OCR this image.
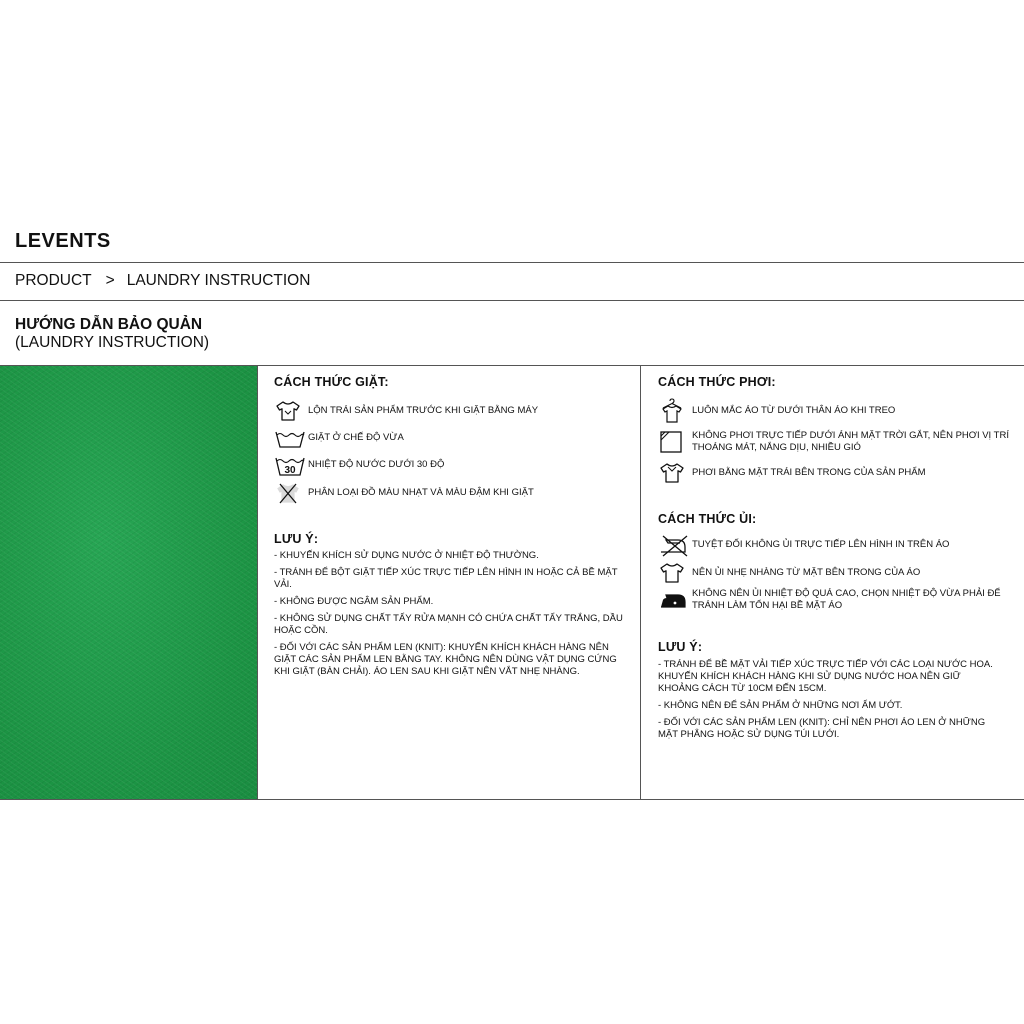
LEVENTS
PRODUCT > LAUNDRY INSTRUCTION
HƯỚNG DẪN BẢO QUẢN
(LAUNDRY INSTRUCTION)
CÁCH THỨC GIẶT:
LỘN TRÁI SẢN PHẨM TRƯỚC KHI GIẶT BẰNG MÁY
GIẶT Ở CHẾ ĐỘ VỪA
30
NHIỆT ĐỘ NƯỚC DƯỚI 30 ĐỘ
PHÂN LOẠI ĐỒ MÀU NHẠT VÀ MÀU ĐẬM KHI GIẶT
LƯU Ý:

- KHUYẾN KHÍCH SỬ DỤNG NƯỚC Ở NHIỆT ĐỘ THƯỜNG.

- TRÁNH ĐỂ BỘT GIẶT TIẾP XÚC TRỰC TIẾP LÊN HÌNH IN HOẶC CẢ BỀ MẶT VẢI.

- KHÔNG ĐƯỢC NGÂM SẢN PHẨM.

- KHÔNG SỬ DỤNG CHẤT TẨY RỬA MẠNH CÓ CHỨA CHẤT TẨY TRẮNG, DẦU HOẶC CỒN.

- ĐỐI VỚI CÁC SẢN PHẨM LEN (KNIT): KHUYẾN KHÍCH KHÁCH HÀNG NÊN GIẶT CÁC SẢN PHẨM LEN BẰNG TAY. KHÔNG NÊN DÙNG VẬT DỤNG CỨNG KHI GIẶT (BÀN CHẢI). ÁO LEN SAU KHI GIẶT NÊN VẮT NHẸ NHÀNG.

CÁCH THỨC PHƠI:
LUÔN MẮC ÁO TỪ DƯỚI THÂN ÁO KHI TREO
KHÔNG PHƠI TRỰC TIẾP DƯỚI ÁNH MẶT TRỜI GẮT, NÊN PHƠI VỊ TRÍ THOÁNG MÁT, NẮNG DỊU, NHIỀU GIÓ
PHƠI BẰNG MẶT TRÁI BÊN TRONG CỦA SẢN PHẨM
CÁCH THỨC ỦI:
TUYỆT ĐỐI KHÔNG ỦI TRỰC TIẾP LÊN HÌNH IN TRÊN ÁO
NÊN ỦI NHẸ NHÀNG TỪ MẶT BÊN TRONG CỦA ÁO
KHÔNG NÊN ỦI NHIỆT ĐỘ QUÁ CAO, CHỌN NHIỆT ĐỘ VỪA PHẢI ĐỂ TRÁNH LÀM TỔN HẠI BỀ MẶT ÁO
LƯU Ý:

- TRÁNH ĐỂ BỀ MẶT VẢI TIẾP XÚC TRỰC TIẾP VỚI CÁC LOẠI NƯỚC HOA. KHUYẾN KHÍCH KHÁCH HÀNG KHI SỬ DỤNG NƯỚC HOA NÊN GIỮ KHOẢNG CÁCH TỪ 10CM ĐẾN 15CM.

- KHÔNG NÊN ĐỂ SẢN PHẨM Ở NHỮNG NƠI ẨM ƯỚT.

- ĐỐI VỚI CÁC SẢN PHẨM LEN (KNIT): CHỈ NÊN PHƠI ÁO LEN Ở NHỮNG MẶT PHẲNG HOẶC SỬ DỤNG TÚI LƯỚI.
